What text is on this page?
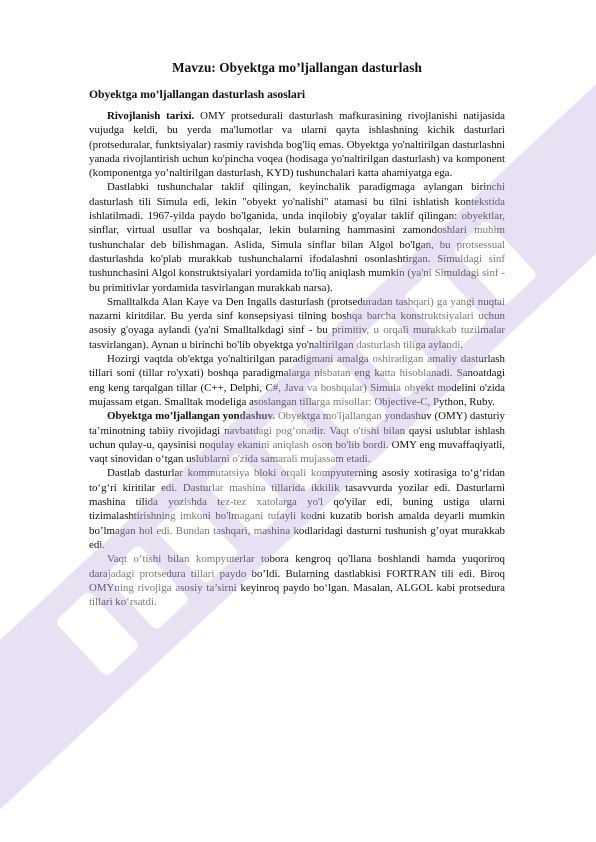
Mavzu: Obyektga mo’ljallangan dasturlash
Obyektga mo’ljallangan dasturlash asoslari

Rivojlanish tarixi. OMY protsedurali dasturlash mafkurasining rivojlanishi natijasida vujudga keldi, bu yerda ma'lumotlar va ularni qayta ishlashning kichik dasturlari (protseduralar, funktsiyalar) rasmiy ravishda bog'liq emas. Obyektga yo'naltirilgan dasturlashni yanada rivojlantirish uchun ko'pincha voqea (hodisaga yo'naltirilgan dasturlash) va komponent (komponentga yo’naltirilgan dasturlash, KYD) tushunchalari katta ahamiyatga ega.

Dastlabki tushunchalar taklif qilingan, keyinchalik paradigmaga aylangan birinchi dasturlash tili Simula edi, lekin "obyekt yo'nalishi" atamasi bu tilni ishlatish kontekstida ishlatilmadi. 1967-yilda paydo bo'lganida, unda inqilobiy g'oyalar taklif qilingan: obyektlar, sinflar, virtual usullar va boshqalar, lekin bularning hammasini zamondoshlari muhim tushunchalar deb bilishmagan. Aslida, Simula sinflar bilan Algol bo'lgan, bu protsessual dasturlashda ko'plab murakkab tushunchalarni ifodalashni osonlashtirgan. Simuldagi sinf tushunchasini Algol konstruktsiyalari yordamida to'liq aniqlash mumkin (ya'ni Simuldagi sinf - bu primitivlar yordamida tasvirlangan murakkab narsa).

Smalltalkda Alan Kaye va Den Ingalls dasturlash (protseduradan tashqari) ga yangi nuqtai nazarni kiritdilar. Bu yerda sinf konsepsiyasi tilning boshqa barcha konstruktsiyalari uchun asosiy g'oyaga aylandi (ya'ni Smalltalkdagi sinf - bu primitiv, u orqali murakkab tuzilmalar tasvirlangan). Aynan u birinchi bo'lib obyektga yo'naltirilgan dasturlash tiliga aylandi.

Hozirgi vaqtda ob'ektga yo'naltirilgan paradigmani amalga oshiradigan amaliy dasturlash tillari soni (tillar ro'yxati) boshqa paradigmalarga nisbatan eng katta hisoblanadi. Sanoatdagi eng keng tarqalgan tillar (C++, Delphi, C#, Java va boshqalar) Simula obyekt modelini o'zida mujassam etgan. Smalltak modeliga asoslangan tillarga misollar: Objective-C, Python, Ruby.

Obyektga mo’ljallangan yondashuv. Obyektga mo'ljallangan yondashuv (OMY) dasturiy ta’minotning tabiiy rivojidagi navbatdagi pog‘onadir. Vaqt o'tishi bilan qaysi uslublar ishlash uchun qulay-u, qaysinisi noqulay ekanini aniqlash oson bo'lib bordi. OMY eng muvaffaqiyatli, vaqt sinovidan o‘tgan uslublarni o'zida samarali mujassam etadi.

Dastlab dasturlar kommutatsiya bloki orqali kompyuterning asosiy xotirasiga to‘g‘ridan to‘g‘ri kiritilar edi. Dasturlar mashina tillarida ikkilik tasavvurda yozilar edi. Dasturlarni mashina tilida yozishda tez-tez xatolarga yo'l qo'yilar edi, buning ustiga ularni tizimalashtirishning imkoni bo'lmagani tufayli kodni kuzatib borish amalda deyarli mumkin bo’lmagan hol edi. Bundan tashqari, mashina kodlaridagi dasturni tushunish g’oyat murakkab edi.

Vaqt o‘tishi bilan kompyuterlar tobora kengroq qo'llana boshlandi hamda yuqoriroq darajadagi protsedura tillari paydo bo’ldi. Bularning dastlabkisi FORTRAN tili edi. Biroq OMYning rivojiga asosiy ta’sirni keyinroq paydo bo‘lgan. Masalan, ALGOL kabi protsedura tillari ko‘rsatdi.
